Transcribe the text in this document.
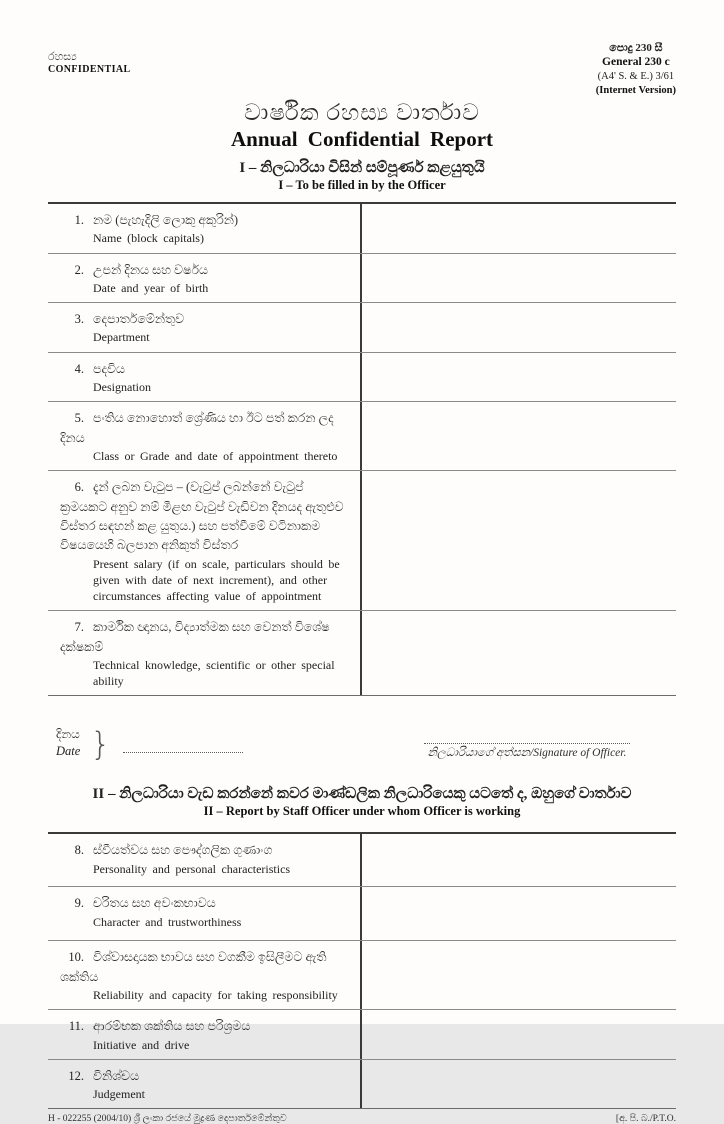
රහස්‍ය
CONFIDENTIAL
පොදු 230 සී
General 230 c
(A4' S. & E.) 3/61
(Internet Version)
වාර්ෂික රහස්‍ය වාර්තාව
Annual Confidential Report
I – නිලධාරියා විසින් සම්පූර්ණ කළයුතුයි
I – To be filled in by the Officer
1. නම (පැහැදිලි ලොකු අකුරින්)
Name (block capitals)
2. උපන් දිනය සහ වර්ෂය
Date and year of birth
3. දෙපාර්තමේන්තුව
Department
4. පදවිය
Designation
5. පංතිය නොහොත් ශ්‍රේණිය හා ඊට පත් කරන ලද දිනය
Class or Grade and date of appointment thereto
6. දැන් ලබන වැටුප – (වැටුප් ලබන්නේ වැටුප් ක්‍රමයකට අනුව නම් මීළඟ වැටුප් වැඩිවන දිනයද ඇතුළුව විස්තර සඳහන් කළ යුතුය.) සහ පත්වීමේ වටිනාකම විෂයයෙහි බලපාන අනිකුත් විස්තර
Present salary (if on scale, particulars should be given with date of next increment), and other circumstances affecting value of appointment
7. කාර්මික ඥානය, විද්‍යාත්මක සහ වෙනත් විශේෂ දක්ෂකම්
Technical knowledge, scientific or other special ability
දිනය
Date }	නිලධාරියාගේ අත්සන/Signature of Officer.
II – නිලධාරියා වැඩ කරන්නේ කවර මාණ්ඩලික නිලධාරියෙකු යටතේ ද, ඔහුගේ වාර්තාව
II – Report by Staff Officer under whom Officer is working
8. ස්වීයත්වය සහ පෞද්ගලික ගුණාංග
Personality and personal characteristics
9. චරිතය සහ අවංකභාවය
Character and trustworthiness
10. විශ්වාසදායක භාවය සහ වගකීම ඉසිලීමට ඇති ශක්තිය
Reliability and capacity for taking responsibility
11. ආරම්භක ශක්තිය සහ පරිශ්‍රමය
Initiative and drive
12. විනිශ්චය
Judgement
H - 022255 (2004/10) ශ්‍රී ලංකා රජයේ මුද්‍රණ දෙපාර්තමේන්තුව	[අ. පි. බ./P.T.O.
